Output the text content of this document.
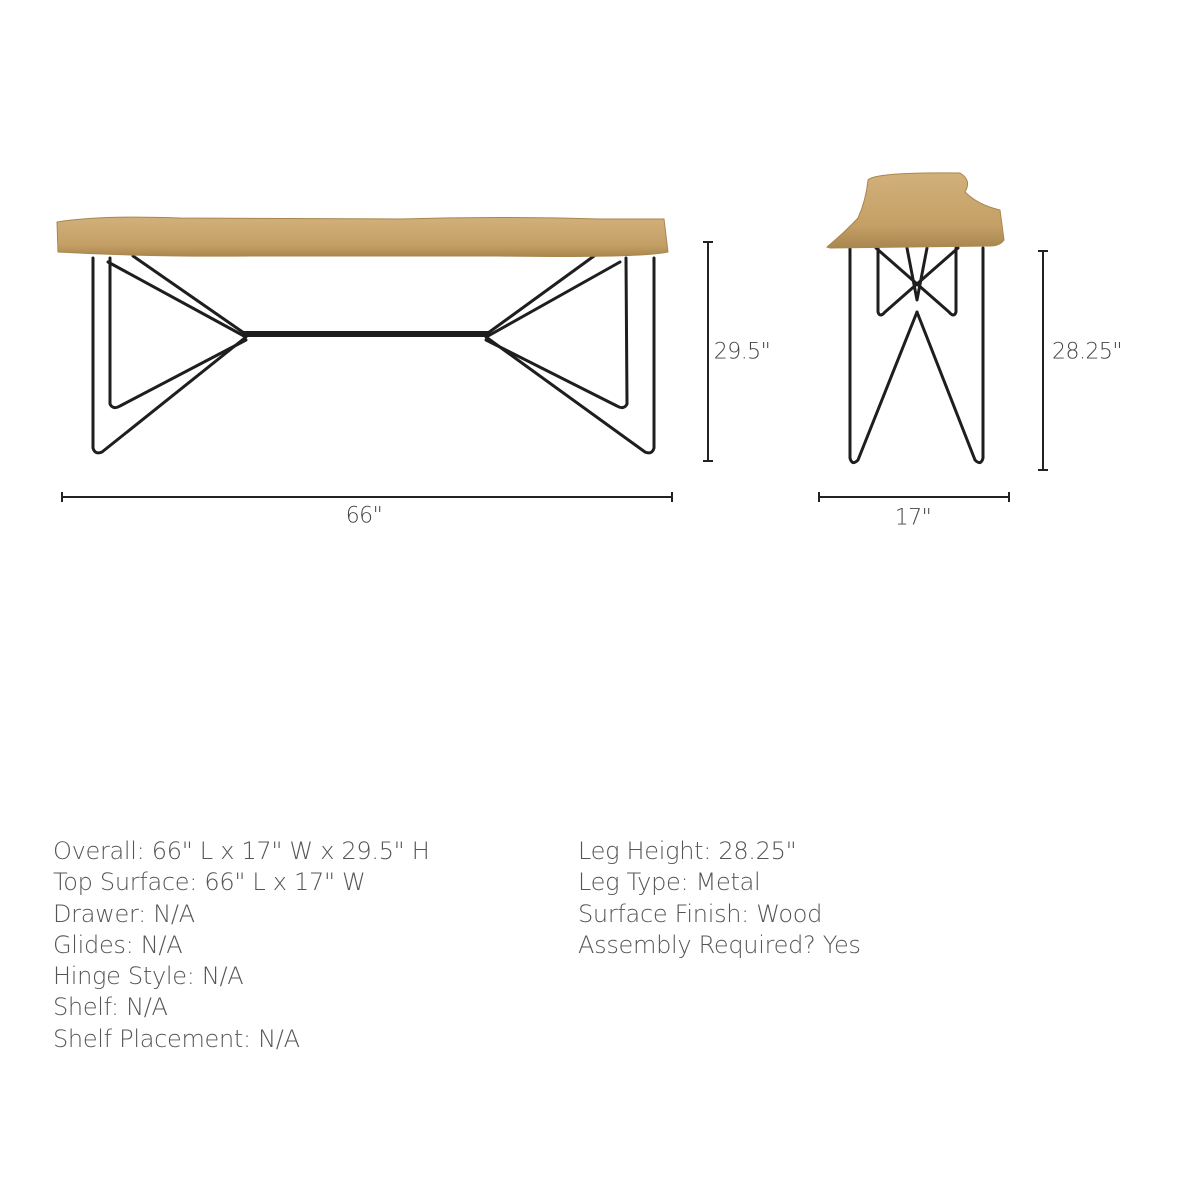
66"
29.5"
17"
28.25"
Overall: 66" L x 17" W x 29.5" H
Top Surface: 66" L x 17" W
Drawer: N/A
Glides: N/A
Hinge Style: N/A
Shelf: N/A
Shelf Placement: N/A
Leg Height: 28.25"
Leg Type: Metal
Surface Finish: Wood
Assembly Required? Yes
